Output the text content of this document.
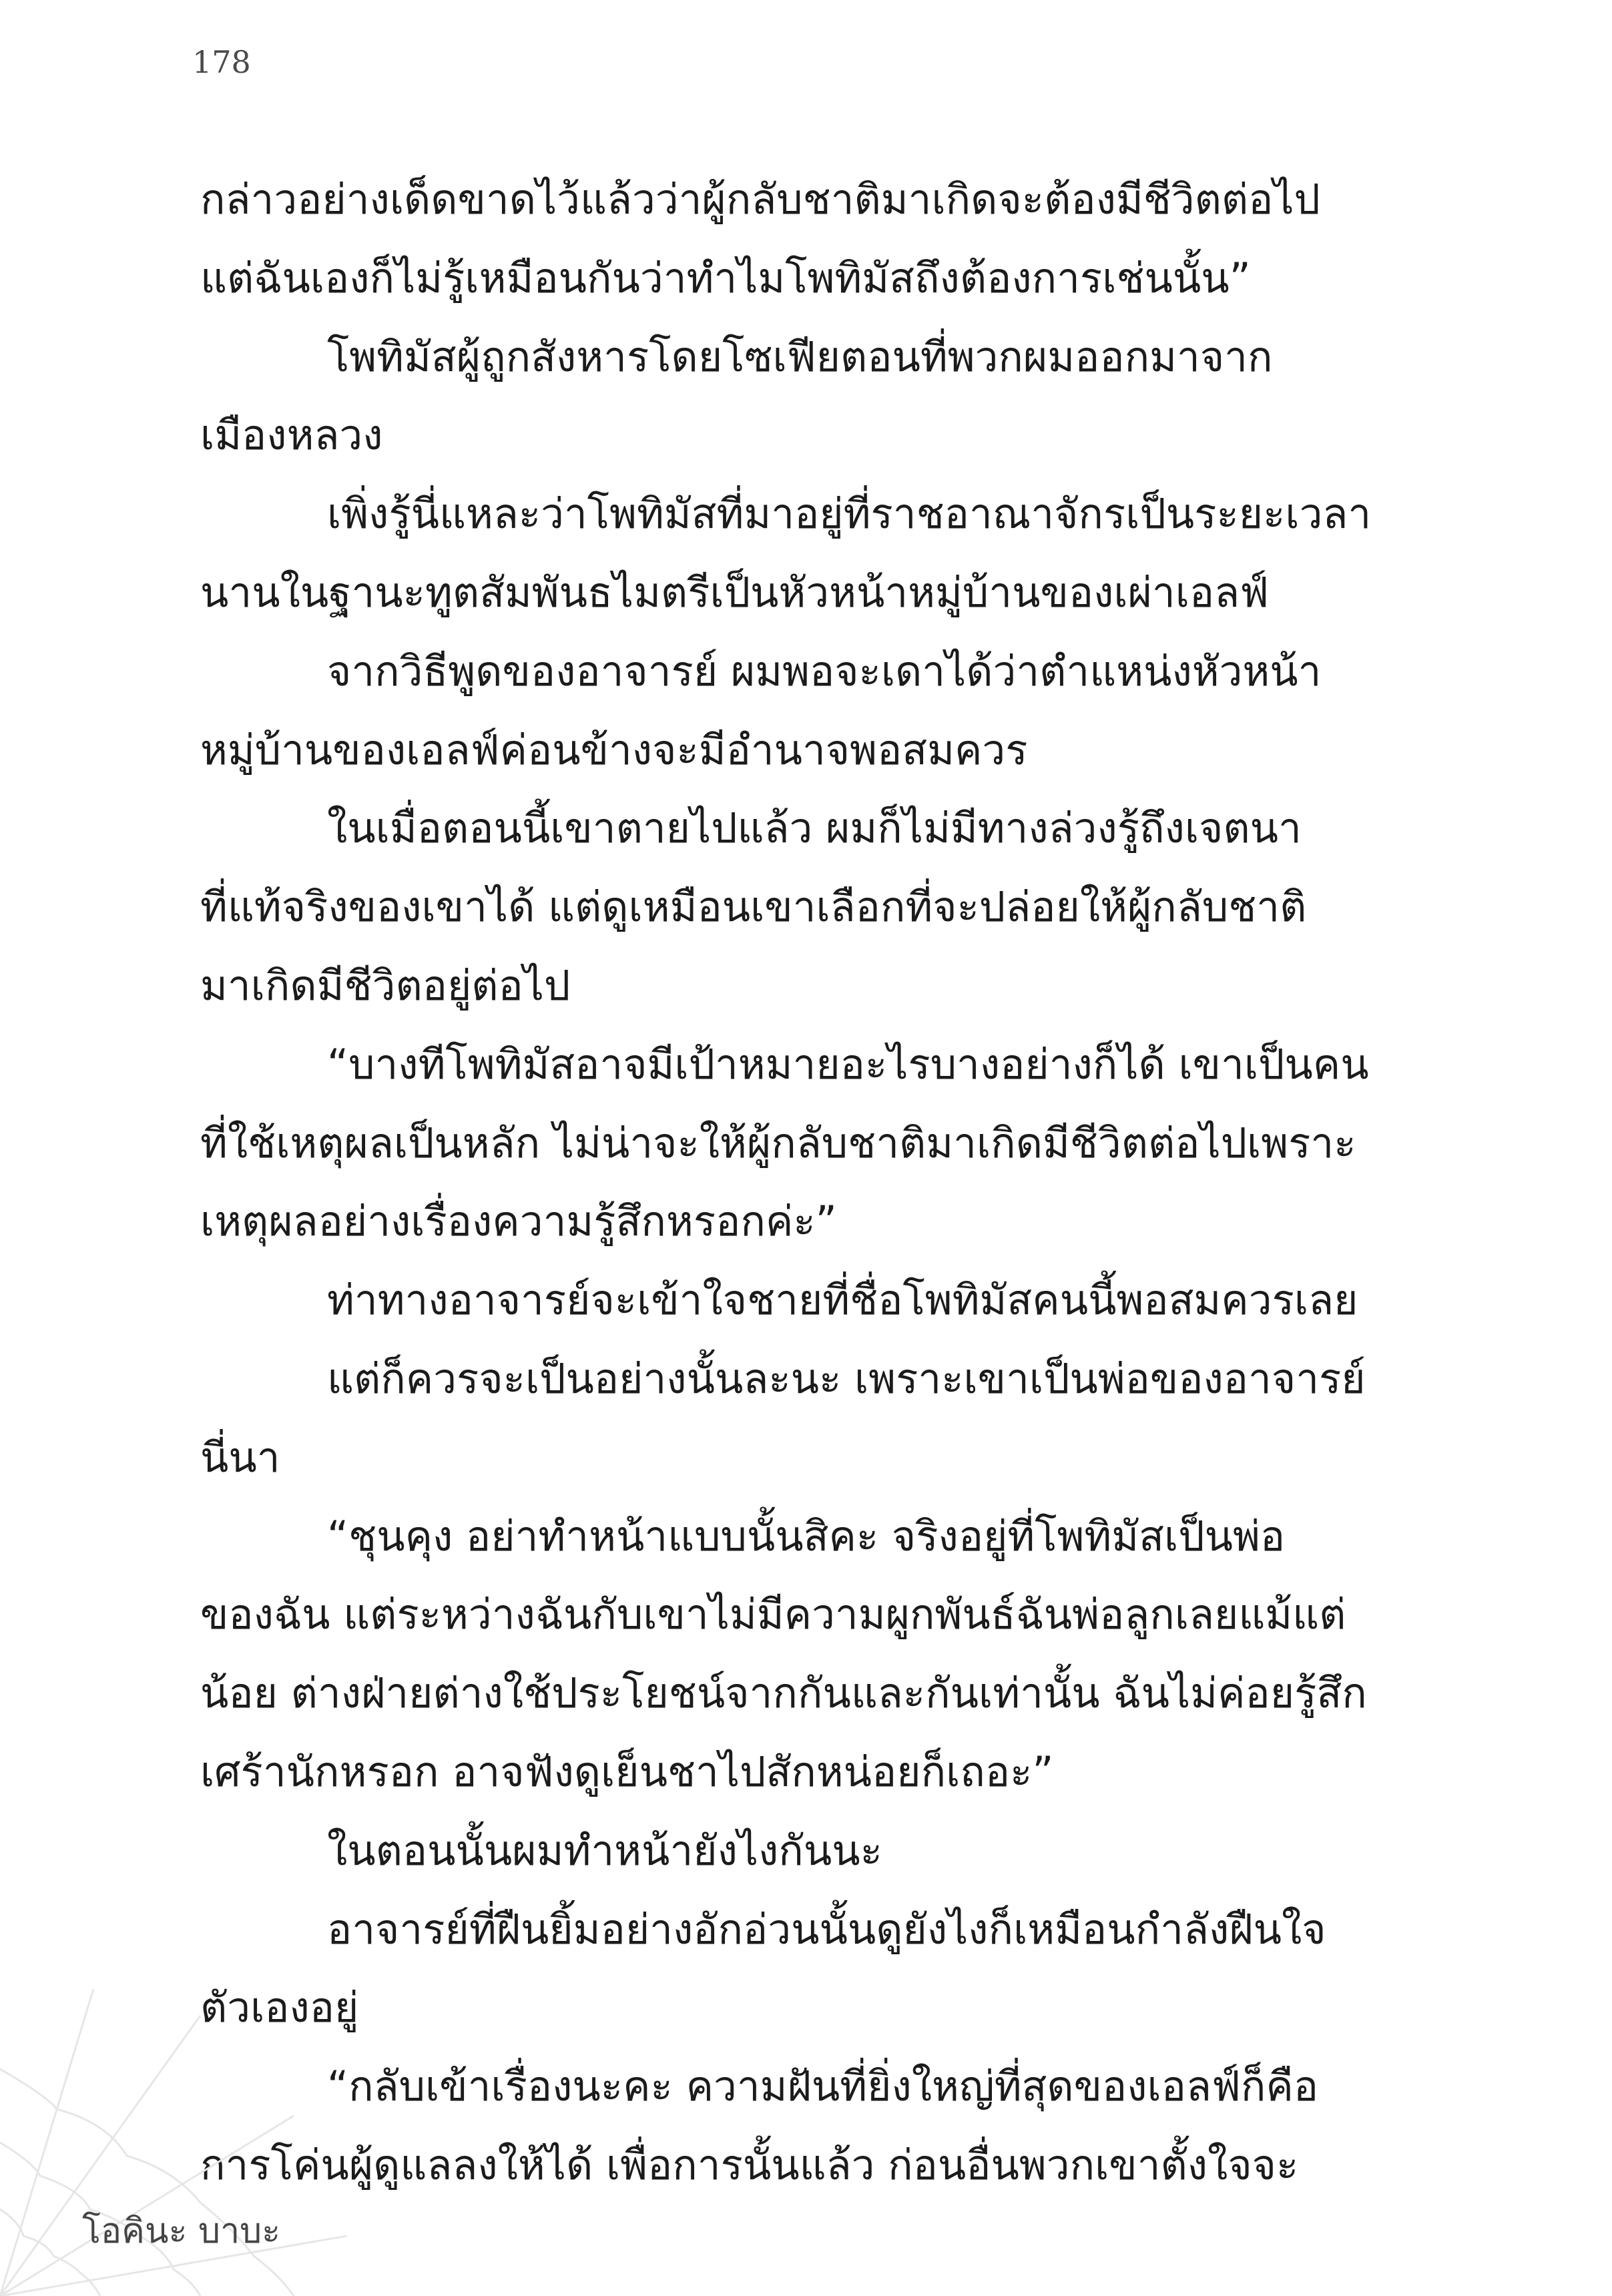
178
กล่าวอย่างเด็ดขาดไว้แล้วว่าผู้กลับชาติมาเกิดจะต้องมีชีวิตต่อไป
แต่ฉันเองก็ไม่รู้เหมือนกันว่าทำไมโพทิมัสถึงต้องการเช่นนั้น”
โพทิมัสผู้ถูกสังหารโดยโซเฟียตอนที่พวกผมออกมาจาก
เมืองหลวง
เพิ่งรู้นี่แหละว่าโพทิมัสที่มาอยู่ที่ราชอาณาจักรเป็นระยะเวลา
นานในฐานะทูตสัมพันธไมตรีเป็นหัวหน้าหมู่บ้านของเผ่าเอลฟ์
จากวิธีพูดของอาจารย์ ผมพอจะเดาได้ว่าตำแหน่งหัวหน้า
หมู่บ้านของเอลฟ์ค่อนข้างจะมีอำนาจพอสมควร
ในเมื่อตอนนี้เขาตายไปแล้ว ผมก็ไม่มีทางล่วงรู้ถึงเจตนา
ที่แท้จริงของเขาได้ แต่ดูเหมือนเขาเลือกที่จะปล่อยให้ผู้กลับชาติ
มาเกิดมีชีวิตอยู่ต่อไป
“บางทีโพทิมัสอาจมีเป้าหมายอะไรบางอย่างก็ได้ เขาเป็นคน
ที่ใช้เหตุผลเป็นหลัก ไม่น่าจะให้ผู้กลับชาติมาเกิดมีชีวิตต่อไปเพราะ
เหตุผลอย่างเรื่องความรู้สึกหรอกค่ะ”
ท่าทางอาจารย์จะเข้าใจชายที่ชื่อโพทิมัสคนนี้พอสมควรเลย
แต่ก็ควรจะเป็นอย่างนั้นละนะ เพราะเขาเป็นพ่อของอาจารย์
นี่นา
“ชุนคุง อย่าทำหน้าแบบนั้นสิคะ จริงอยู่ที่โพทิมัสเป็นพ่อ
ของฉัน แต่ระหว่างฉันกับเขาไม่มีความผูกพันธ์ฉันพ่อลูกเลยแม้แต่
น้อย ต่างฝ่ายต่างใช้ประโยชน์จากกันและกันเท่านั้น ฉันไม่ค่อยรู้สึก
เศร้านักหรอก อาจฟังดูเย็นชาไปสักหน่อยก็เถอะ”
ในตอนนั้นผมทำหน้ายังไงกันนะ
อาจารย์ที่ฝืนยิ้มอย่างอักอ่วนนั้นดูยังไงก็เหมือนกำลังฝืนใจ
ตัวเองอยู่
“กลับเข้าเรื่องนะคะ ความฝันที่ยิ่งใหญ่ที่สุดของเอลฟ์ก็คือ
การโค่นผู้ดูแลลงให้ได้ เพื่อการนั้นแล้ว ก่อนอื่นพวกเขาตั้งใจจะ
โอคินะ บาบะ
